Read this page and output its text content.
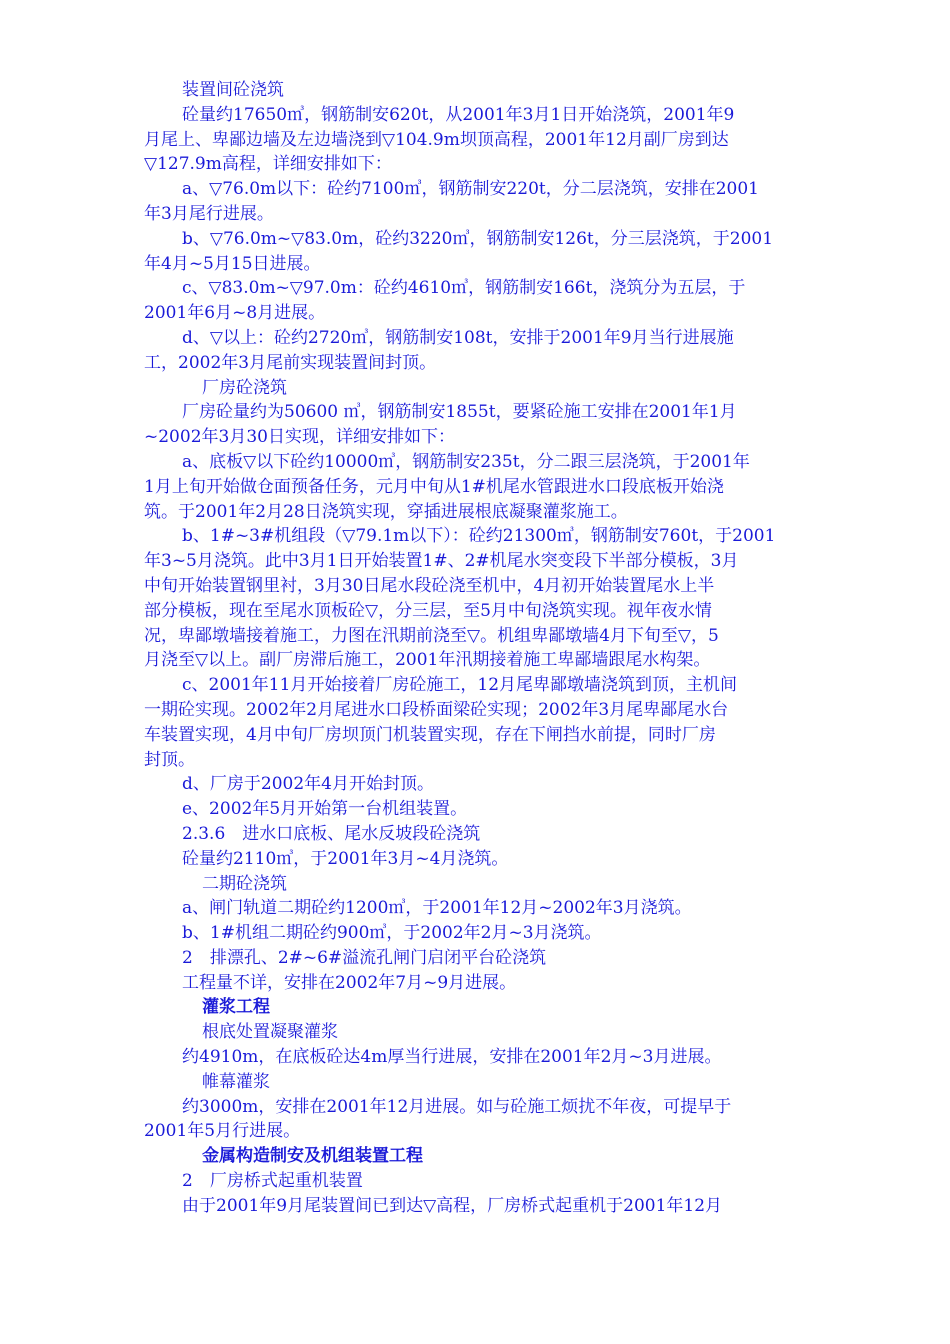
装置间砼浇筑
砼量约17650㎥，钢筋制安620t，从2001年3月1日开始浇筑，2001年9
月尾上、卑鄙边墙及左边墙浇到▽104.9m坝顶高程，2001年12月副厂房到达
▽127.9m高程，详细安排如下：
a、▽76.0m以下：砼约7100㎥，钢筋制安220t，分二层浇筑，安排在2001
年3月尾行进展。
b、▽76.0m~▽83.0m，砼约3220㎥，钢筋制安126t，分三层浇筑，于2001
年4月~5月15日进展。
c、▽83.0m~▽97.0m：砼约4610㎥，钢筋制安166t，浇筑分为五层，于
2001年6月~8月进展。
d、▽以上：砼约2720㎥，钢筋制安108t，安排于2001年9月当行进展施
工，2002年3月尾前实现装置间封顶。
厂房砼浇筑
厂房砼量约为50600 ㎥，钢筋制安1855t，要紧砼施工安排在2001年1月
~2002年3月30日实现，详细安排如下：
a、底板▽以下砼约10000㎥，钢筋制安235t，分二跟三层浇筑，于2001年
1月上旬开始做仓面预备任务，元月中旬从1#机尾水管跟进水口段底板开始浇
筑。于2001年2月28日浇筑实现，穿插进展根底凝聚灌浆施工。
b、1#~3#机组段（▽79.1m以下）：砼约21300㎥，钢筋制安760t，于2001
年3~5月浇筑。此中3月1日开始装置1#、2#机尾水突变段下半部分模板，3月
中旬开始装置钢里衬，3月30日尾水段砼浇至机中，4月初开始装置尾水上半
部分模板，现在至尾水顶板砼▽，分三层，至5月中旬浇筑实现。视年夜水情
况，卑鄙墩墙接着施工，力图在汛期前浇至▽。机组卑鄙墩墙4月下旬至▽，5
月浇至▽以上。副厂房滞后施工，2001年汛期接着施工卑鄙墙跟尾水构架。
c、2001年11月开始接着厂房砼施工，12月尾卑鄙墩墙浇筑到顶，主机间
一期砼实现。2002年2月尾进水口段桥面梁砼实现；2002年3月尾卑鄙尾水台
车装置实现，4月中旬厂房坝顶门机装置实现，存在下闸挡水前提，同时厂房
封顶。
d、厂房于2002年4月开始封顶。
e、2002年5月开始第一台机组装置。
2.3.6　进水口底板、尾水反坡段砼浇筑
砼量约2110㎥，于2001年3月~4月浇筑。
二期砼浇筑
a、闸门轨道二期砼约1200㎥，于2001年12月~2002年3月浇筑。
b、1#机组二期砼约900㎥，于2002年2月~3月浇筑。
2　排漂孔、2#~6#溢流孔闸门启闭平台砼浇筑
工程量不详，安排在2002年7月~9月进展。
灌浆工程
根底处置凝聚灌浆
约4910m，在底板砼达4m厚当行进展，安排在2001年2月~3月进展。
帷幕灌浆
约3000m，安排在2001年12月进展。如与砼施工烦扰不年夜，可提早于
2001年5月行进展。
金属构造制安及机组装置工程
2　厂房桥式起重机装置
由于2001年9月尾装置间已到达▽高程，厂房桥式起重机于2001年12月
